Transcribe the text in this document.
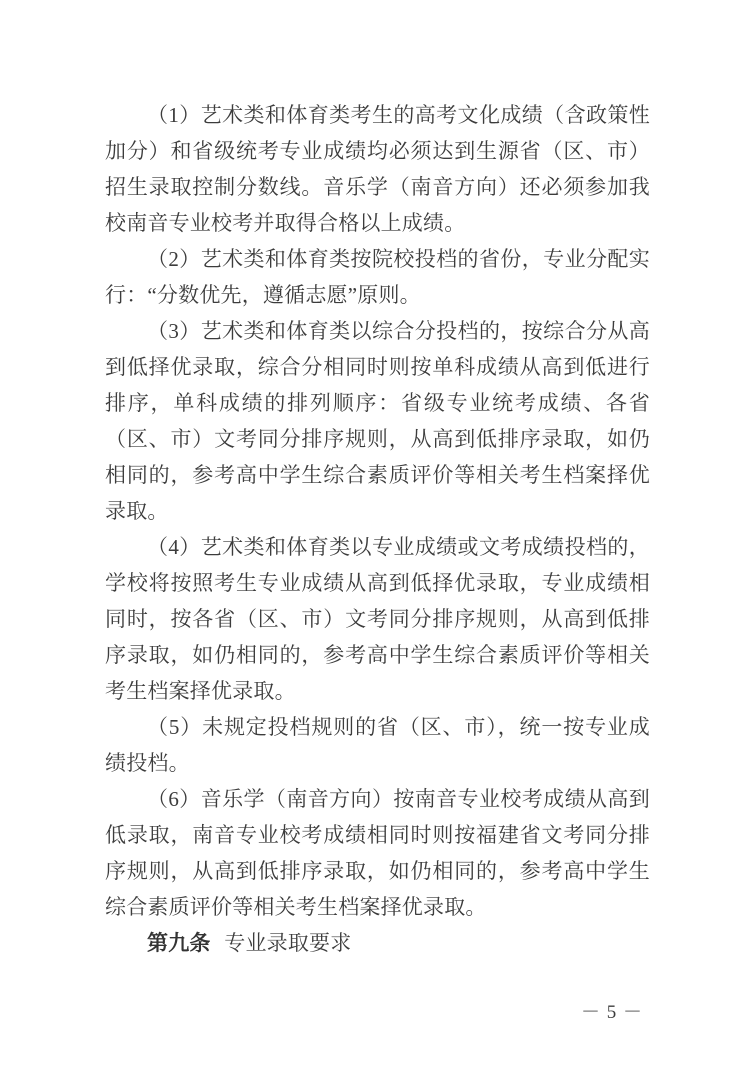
（1）艺术类和体育类考生的高考文化成绩（含政策性加分）和省级统考专业成绩均必须达到生源省（区、市）招生录取控制分数线。音乐学（南音方向）还必须参加我校南音专业校考并取得合格以上成绩。

（2）艺术类和体育类按院校投档的省份，专业分配实行：“分数优先，遵循志愿”原则。

（3）艺术类和体育类以综合分投档的，按综合分从高到低择优录取，综合分相同时则按单科成绩从高到低进行排序，单科成绩的排列顺序：省级专业统考成绩、各省（区、市）文考同分排序规则，从高到低排序录取，如仍相同的，参考高中学生综合素质评价等相关考生档案择优录取。

（4）艺术类和体育类以专业成绩或文考成绩投档的，学校将按照考生专业成绩从高到低择优录取，专业成绩相同时，按各省（区、市）文考同分排序规则，从高到低排序录取，如仍相同的，参考高中学生综合素质评价等相关考生档案择优录取。

（5）未规定投档规则的省（区、市），统一按专业成绩投档。

（6）音乐学（南音方向）按南音专业校考成绩从高到低录取，南音专业校考成绩相同时则按福建省文考同分排序规则，从高到低排序录取，如仍相同的，参考高中学生综合素质评价等相关考生档案择优录取。

第九条 专业录取要求

－ 5 －
